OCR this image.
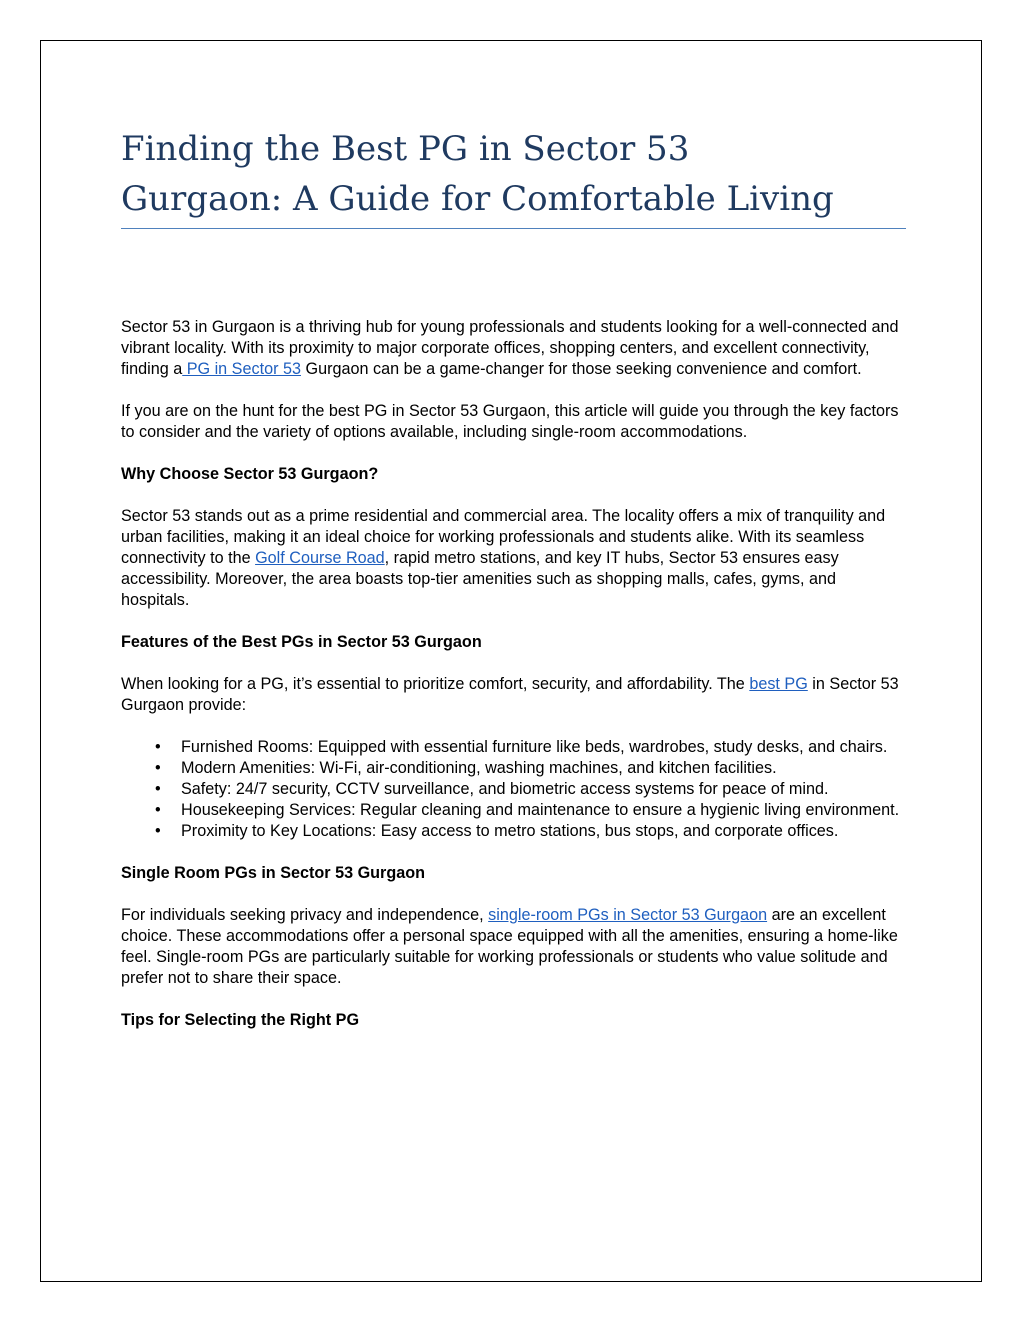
Finding the Best PG in Sector 53
Gurgaon: A Guide for Comfortable Living

Sector 53 in Gurgaon is a thriving hub for young professionals and students looking for a well-connected and vibrant locality. With its proximity to major corporate offices, shopping centers, and excellent connectivity, finding a PG in Sector 53 Gurgaon can be a game-changer for those seeking convenience and comfort.

If you are on the hunt for the best PG in Sector 53 Gurgaon, this article will guide you through the key factors to consider and the variety of options available, including single-room accommodations.

Why Choose Sector 53 Gurgaon?

Sector 53 stands out as a prime residential and commercial area. The locality offers a mix of tranquility and urban facilities, making it an ideal choice for working professionals and students alike. With its seamless connectivity to the Golf Course Road, rapid metro stations, and key IT hubs, Sector 53 ensures easy accessibility. Moreover, the area boasts top-tier amenities such as shopping malls, cafes, gyms, and hospitals.

Features of the Best PGs in Sector 53 Gurgaon

When looking for a PG, it’s essential to prioritize comfort, security, and affordability. The best PG in Sector 53 Gurgaon provide:

• Furnished Rooms: Equipped with essential furniture like beds, wardrobes, study desks, and chairs.
• Modern Amenities: Wi-Fi, air-conditioning, washing machines, and kitchen facilities.
• Safety: 24/7 security, CCTV surveillance, and biometric access systems for peace of mind.
• Housekeeping Services: Regular cleaning and maintenance to ensure a hygienic living environment.
• Proximity to Key Locations: Easy access to metro stations, bus stops, and corporate offices.
Single Room PGs in Sector 53 Gurgaon

For individuals seeking privacy and independence, single-room PGs in Sector 53 Gurgaon are an excellent choice. These accommodations offer a personal space equipped with all the amenities, ensuring a home-like feel. Single-room PGs are particularly suitable for working professionals or students who value solitude and prefer not to share their space.

Tips for Selecting the Right PG
